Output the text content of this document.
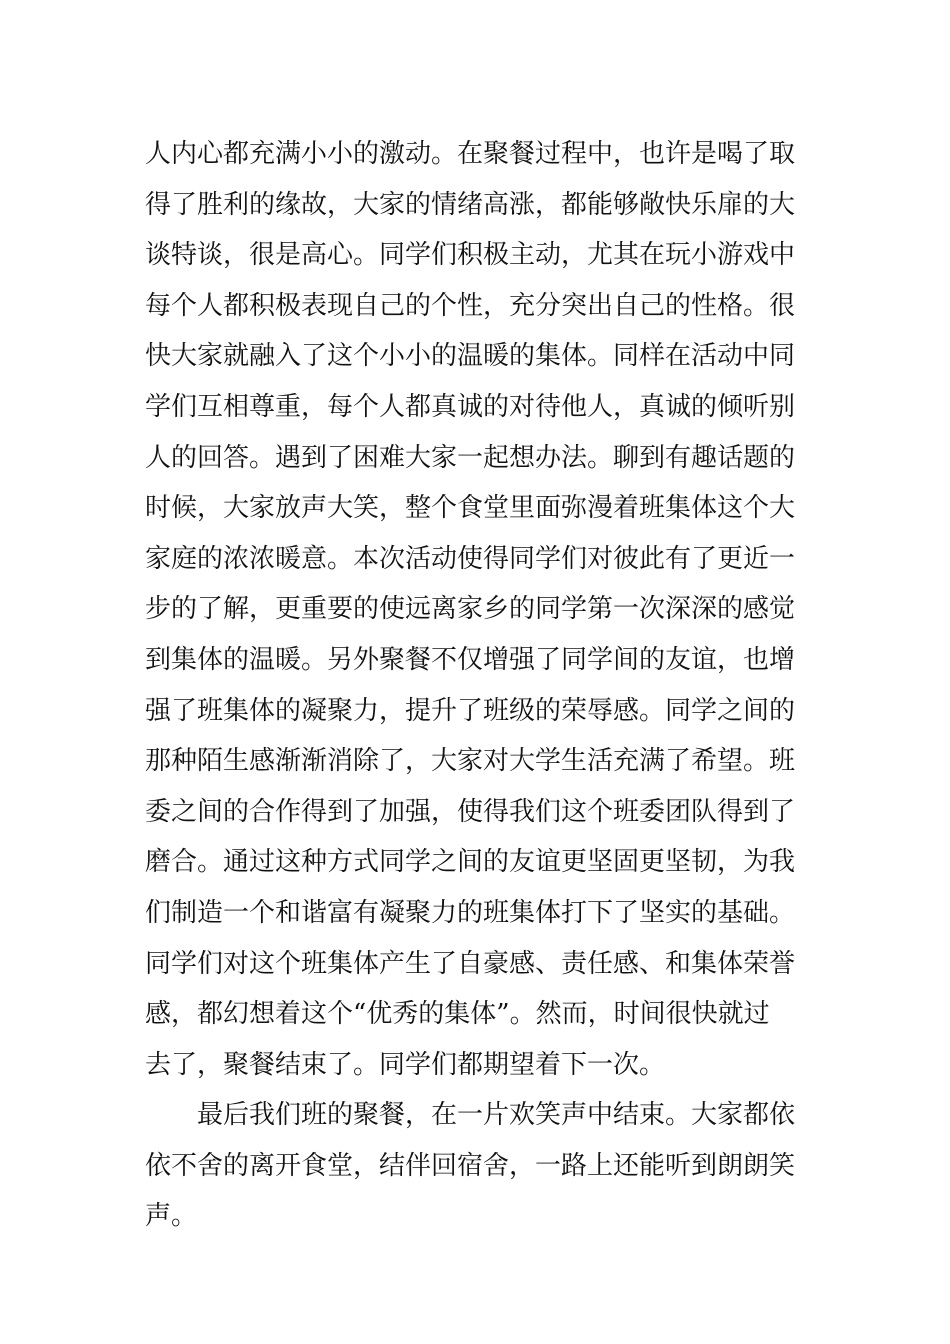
人内心都充满小小的激动。在聚餐过程中，也许是喝了取
得了胜利的缘故，大家的情绪高涨，都能够敞快乐扉的大
谈特谈，很是高心。同学们积极主动，尤其在玩小游戏中
每个人都积极表现自己的个性，充分突出自己的性格。很
快大家就融入了这个小小的温暖的集体。同样在活动中同
学们互相尊重，每个人都真诚的对待他人，真诚的倾听别
人的回答。遇到了困难大家一起想办法。聊到有趣话题的
时候，大家放声大笑，整个食堂里面弥漫着班集体这个大
家庭的浓浓暖意。本次活动使得同学们对彼此有了更近一
步的了解，更重要的使远离家乡的同学第一次深深的感觉
到集体的温暖。另外聚餐不仅增强了同学间的友谊，也增
强了班集体的凝聚力，提升了班级的荣辱感。同学之间的
那种陌生感渐渐消除了，大家对大学生活充满了希望。班
委之间的合作得到了加强，使得我们这个班委团队得到了
磨合。通过这种方式同学之间的友谊更坚固更坚韧，为我
们制造一个和谐富有凝聚力的班集体打下了坚实的基础。
同学们对这个班集体产生了自豪感、责任感、和集体荣誉
感，都幻想着这个“优秀的集体”。然而，时间很快就过
去了，聚餐结束了。同学们都期望着下一次。
最后我们班的聚餐，在一片欢笑声中结束。大家都依
依不舍的离开食堂，结伴回宿舍，一路上还能听到朗朗笑
声。
